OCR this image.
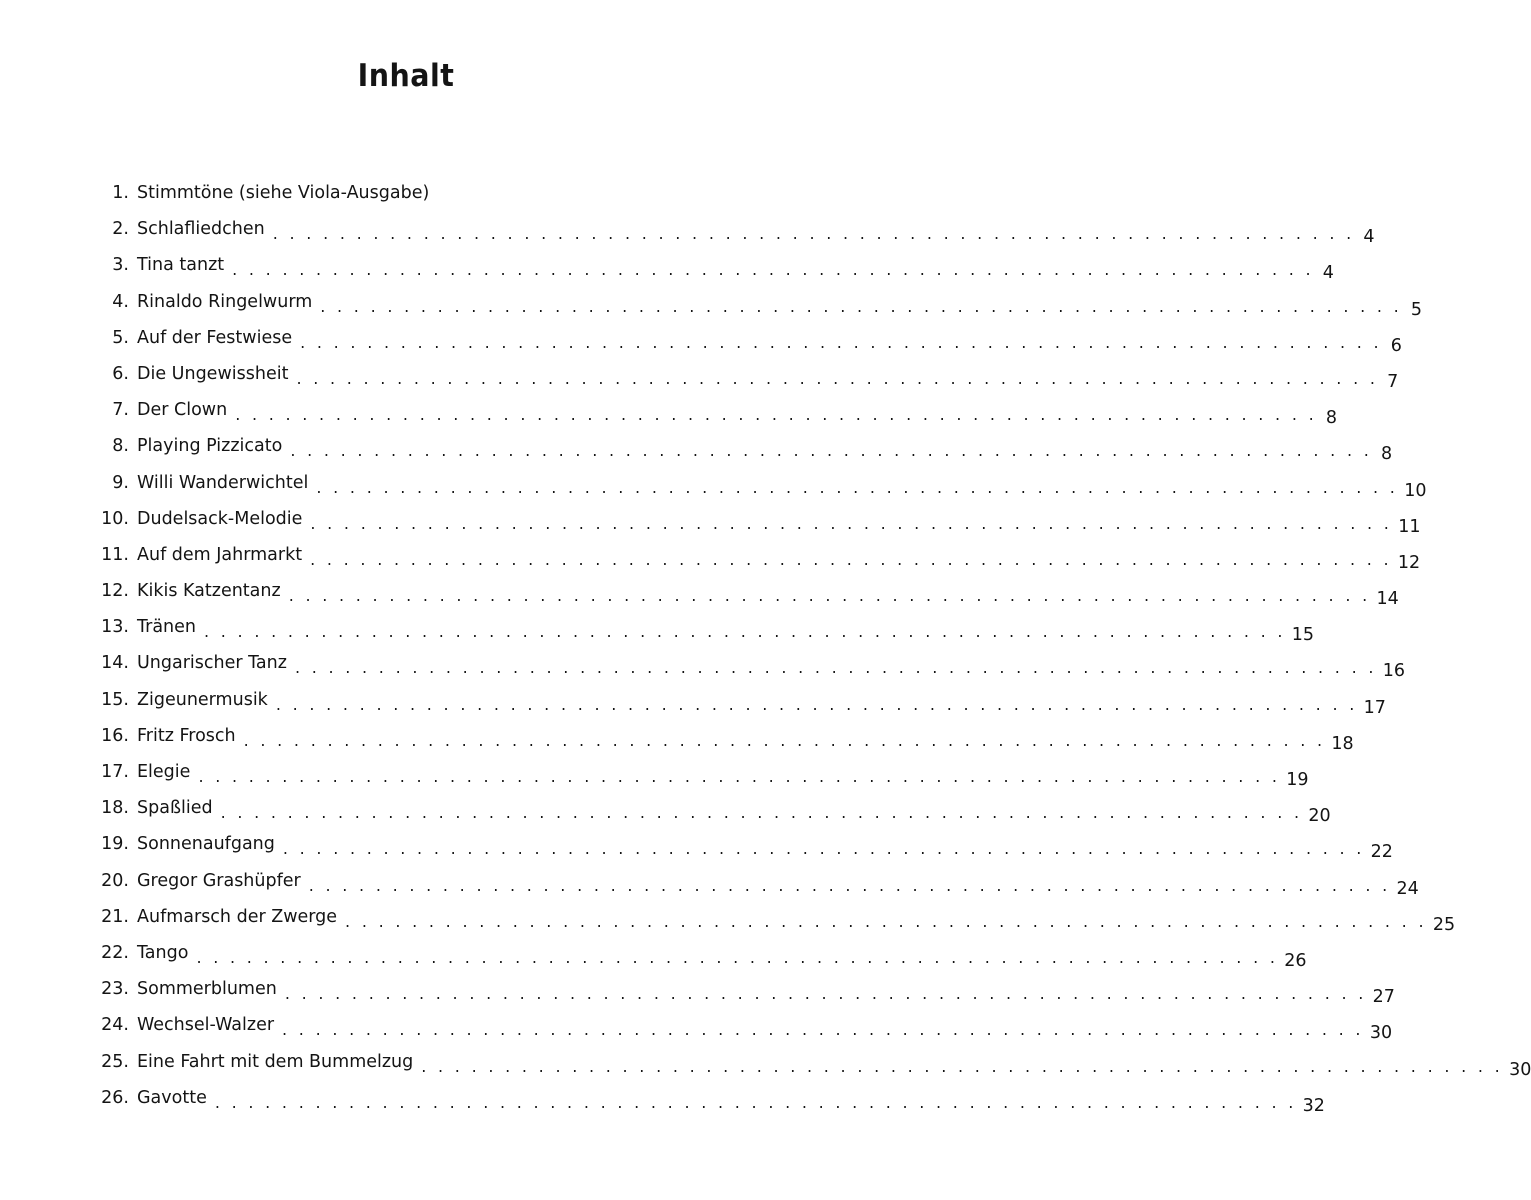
Inhalt
1. Stimmtöne (siehe Viola-Ausgabe)
2. Schlafliedchen . . . . . . . . . . . . . . . . . . . . . . . . . . . . . . . . . . . . . . . . . . . . . . . . . . . . . . . . . . . . . . . . . 4
3. Tina tanzt . . . . . . . . . . . . . . . . . . . . . . . . . . . . . . . . . . . . . . . . . . . . . . . . . . . . . . . . . . . . . . . . . 4
4. Rinaldo Ringelwurm . . . . . . . . . . . . . . . . . . . . . . . . . . . . . . . . . . . . . . . . . . . . . . . . . . . . . . . . . . . . . . . . . 5
5. Auf der Festwiese . . . . . . . . . . . . . . . . . . . . . . . . . . . . . . . . . . . . . . . . . . . . . . . . . . . . . . . . . . . . . . . . . 6
6. Die Ungewissheit . . . . . . . . . . . . . . . . . . . . . . . . . . . . . . . . . . . . . . . . . . . . . . . . . . . . . . . . . . . . . . . . . 7
7. Der Clown . . . . . . . . . . . . . . . . . . . . . . . . . . . . . . . . . . . . . . . . . . . . . . . . . . . . . . . . . . . . . . . . . 8
8. Playing Pizzicato . . . . . . . . . . . . . . . . . . . . . . . . . . . . . . . . . . . . . . . . . . . . . . . . . . . . . . . . . . . . . . . . . 8
9. Willi Wanderwichtel . . . . . . . . . . . . . . . . . . . . . . . . . . . . . . . . . . . . . . . . . . . . . . . . . . . . . . . . . . . . . . . . . 10
10. Dudelsack-Melodie . . . . . . . . . . . . . . . . . . . . . . . . . . . . . . . . . . . . . . . . . . . . . . . . . . . . . . . . . . . . . . . . . 11
11. Auf dem Jahrmarkt . . . . . . . . . . . . . . . . . . . . . . . . . . . . . . . . . . . . . . . . . . . . . . . . . . . . . . . . . . . . . . . . . 12
12. Kikis Katzentanz . . . . . . . . . . . . . . . . . . . . . . . . . . . . . . . . . . . . . . . . . . . . . . . . . . . . . . . . . . . . . . . . . 14
13. Tränen . . . . . . . . . . . . . . . . . . . . . . . . . . . . . . . . . . . . . . . . . . . . . . . . . . . . . . . . . . . . . . . . . 15
14. Ungarischer Tanz . . . . . . . . . . . . . . . . . . . . . . . . . . . . . . . . . . . . . . . . . . . . . . . . . . . . . . . . . . . . . . . . . 16
15. Zigeunermusik . . . . . . . . . . . . . . . . . . . . . . . . . . . . . . . . . . . . . . . . . . . . . . . . . . . . . . . . . . . . . . . . . 17
16. Fritz Frosch . . . . . . . . . . . . . . . . . . . . . . . . . . . . . . . . . . . . . . . . . . . . . . . . . . . . . . . . . . . . . . . . . 18
17. Elegie . . . . . . . . . . . . . . . . . . . . . . . . . . . . . . . . . . . . . . . . . . . . . . . . . . . . . . . . . . . . . . . . . 19
18. Spaßlied . . . . . . . . . . . . . . . . . . . . . . . . . . . . . . . . . . . . . . . . . . . . . . . . . . . . . . . . . . . . . . . . . 20
19. Sonnenaufgang . . . . . . . . . . . . . . . . . . . . . . . . . . . . . . . . . . . . . . . . . . . . . . . . . . . . . . . . . . . . . . . . . 22
20. Gregor Grashüpfer . . . . . . . . . . . . . . . . . . . . . . . . . . . . . . . . . . . . . . . . . . . . . . . . . . . . . . . . . . . . . . . . . 24
21. Aufmarsch der Zwerge . . . . . . . . . . . . . . . . . . . . . . . . . . . . . . . . . . . . . . . . . . . . . . . . . . . . . . . . . . . . . . . . . 25
22. Tango . . . . . . . . . . . . . . . . . . . . . . . . . . . . . . . . . . . . . . . . . . . . . . . . . . . . . . . . . . . . . . . . . 26
23. Sommerblumen . . . . . . . . . . . . . . . . . . . . . . . . . . . . . . . . . . . . . . . . . . . . . . . . . . . . . . . . . . . . . . . . . 27
24. Wechsel-Walzer . . . . . . . . . . . . . . . . . . . . . . . . . . . . . . . . . . . . . . . . . . . . . . . . . . . . . . . . . . . . . . . . . 30
25. Eine Fahrt mit dem Bummelzug . . . . . . . . . . . . . . . . . . . . . . . . . . . . . . . . . . . . . . . . . . . . . . . . . . . . . . . . . . . . . . . . . 30
26. Gavotte . . . . . . . . . . . . . . . . . . . . . . . . . . . . . . . . . . . . . . . . . . . . . . . . . . . . . . . . . . . . . . . . . 32
